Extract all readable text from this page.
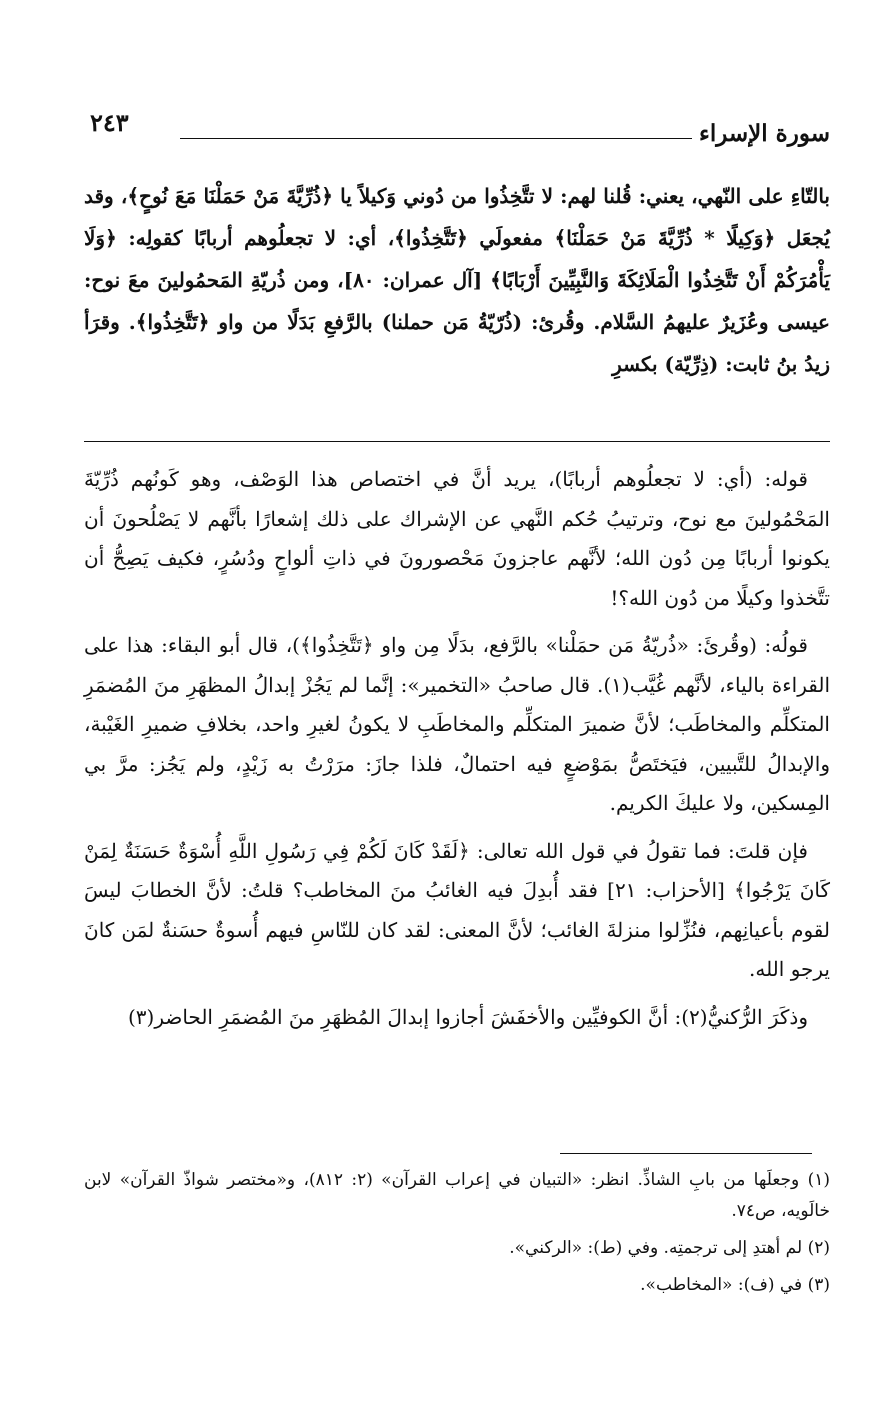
سورة الإسراء
٢٤٣
بالتّاءِ على النّهي، يعني: قُلنا لهم: لا تتَّخِذُوا من دُوني وَكيلاً يا ﴿ذُرِّيَّةَ مَنْ حَمَلْنَا مَعَ نُوحٍ﴾، وقد يُجعَل ﴿وَكِيلًا * ذُرِّيَّةَ مَنْ حَمَلْنَا﴾ مفعولَي ﴿تَتَّخِذُوا﴾، أي: لا تجعلُوهم أربابًا كقولِه: ﴿وَلَا يَأْمُرَكُمْ أَنْ تَتَّخِذُوا الْمَلَائِكَةَ وَالنَّبِيِّينَ أَرْبَابًا﴾ [آل عمران: ٨٠]، ومن ذُريّةِ المَحمُولينَ معَ نوح: عيسى وعُزَيرٌ عليهمُ السَّلام. وقُرئ: (ذُرّيّةُ مَن حملنا) بالرَّفعِ بَدَلًا من واو ﴿تَتَّخِذُوا﴾. وقرَأ زيدُ بنُ ثابت: (ذِرِّيّة) بكسرِ

قوله: (أي: لا تجعلُوهم أربابًا)، يريد أنَّ في اختصاص هذا الوَصْف، وهو كَونُهم ذُرِّيّةَ المَحْمُولينَ مع نوح، وترتيبُ حُكم النَّهي عن الإشراك على ذلك إشعارًا بأنَّهم لا يَصْلُحونَ أن يكونوا أربابًا مِن دُون الله؛ لأنَّهم عاجزونَ مَحْصورونَ في ذاتِ ألواحٍ ودُسُرٍ، فكيف يَصِحُّ أن تتَّخذوا وكيلًا من دُون الله؟!

قولُه: (وقُرئَ: «ذُريّةُ مَن حمَلْنا» بالرَّفع، بدَلًا مِن واو ﴿تَتَّخِذُوا﴾)، قال أبو البقاء: هذا على القراءة بالياء، لأنَّهم غُيَّب(١). قال صاحبُ «التخمير»: إنَّما لم يَجُزْ إبدالُ المظهَرِ منَ المُضمَرِ المتكلِّم والمخاطَب؛ لأنَّ ضميرَ المتكلِّم والمخاطَبِ لا يكونُ لغيرِ واحد، بخلافِ ضميرِ الغَيْبة، والإبدالُ للتَّبيين، فيَختَصُّ بمَوْضعٍ فيه احتمالٌ، فلذا جازَ: مرَرْتُ به زَيْدٍ، ولم يَجُز: مرَّ بي المِسكين، ولا عليكَ الكريم.

فإن قلتَ: فما تقولُ في قول الله تعالى: ﴿لَقَدْ كَانَ لَكُمْ فِي رَسُولِ اللَّهِ أُسْوَةٌ حَسَنَةٌ لِمَنْ كَانَ يَرْجُوا﴾ [الأحزاب: ٢١] فقد أُبدِلَ فيه الغائبُ منَ المخاطب؟ قلتُ: لأنَّ الخطابَ ليسَ لقوم بأعيانِهم، فنُزِّلوا منزلةَ الغائب؛ لأنَّ المعنى: لقد كان للنّاسِ فيهم أُسوةٌ حسَنةٌ لمَن كانَ يرجو الله.

وذكَرَ الرُّكنيُّ(٢): أنَّ الكوفيِّين والأخفَشَ أجازوا إبدالَ المُظهَرِ منَ المُضمَرِ الحاضر(٣)

(١) وجعلَها من بابِ الشاذِّ. انظر: «التبيان في إعراب القرآن» (٢: ٨١٢)، و«مختصر شواذّ القرآن» لابن خالَويه، ص٧٤.

(٢) لم أهتدِ إلى ترجمتِه. وفي (ط): «الركني».

(٣) في (ف): «المخاطب».
